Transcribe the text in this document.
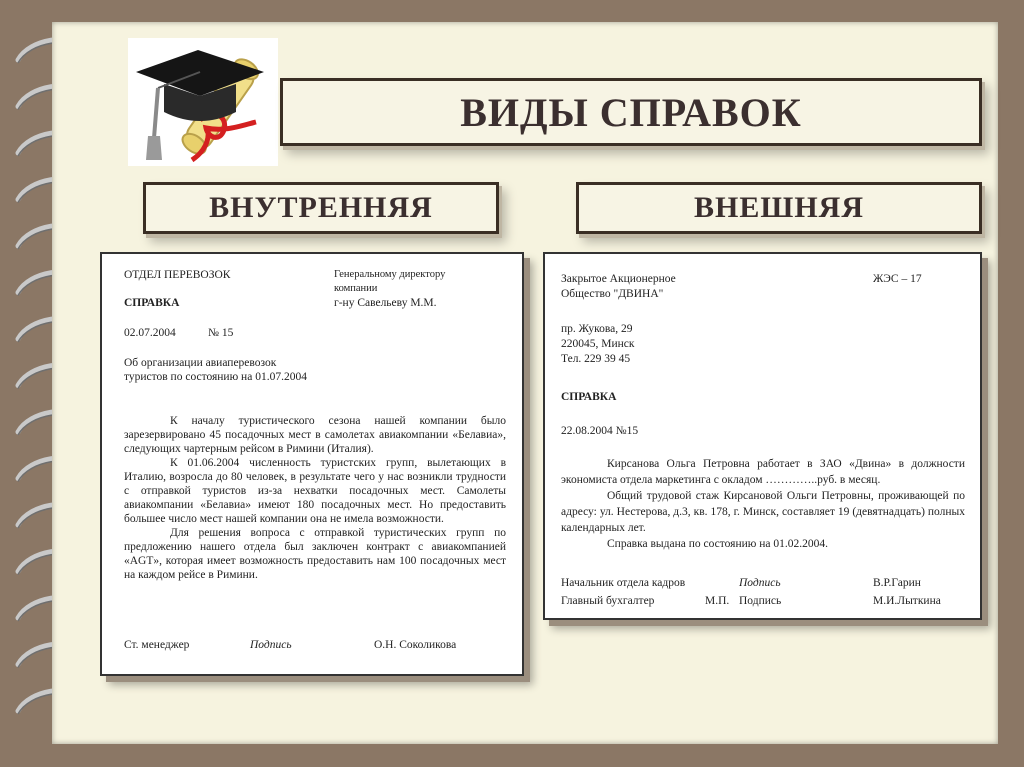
ВИДЫ СПРАВОК
ВНУТРЕННЯЯ	ВНЕШНЯЯ
ОТДЕЛ ПЕРЕВОЗОК	Генеральному директору
компании
г-ну Савельеву М.М.
СПРАВКА
02.07.2004	№ 15
Об организации авиаперевозок
туристов по состоянию на 01.07.2004

К началу туристического сезона нашей компании было зарезервировано 45 посадочных мест в самолетах авиакомпании «Белавиа», следующих чартерным рейсом в Римини (Италия).

К 01.06.2004 численность туристских групп, вылетающих в Италию, возросла до 80 человек, в результате чего у нас возникли трудности с отправкой туристов из-за нехватки посадочных мест. Самолеты авиакомпании «Белавиа» имеют 180 посадочных мест. Но предоставить большее число мест нашей компании она не имела возможности.

Для решения вопроса с отправкой туристических групп по предложению нашего отдела был заключен контракт с авиакомпанией «AGT», которая имеет возможность предоставить нам 100 посадочных мест на каждом рейсе в Римини.

Ст. менеджер	Подпись	О.Н. Соколикова
Закрытое Акционерное
Общество "ДВИНА"
ЖЭС – 17
пр. Жукова, 29
220045, Минск
Тел. 229 39 45
СПРАВКА
22.08.2004 №15

Кирсанова Ольга Петровна работает в ЗАО «Двина» в должности экономиста отдела маркетинга с окладом …………..руб. в месяц.

Общий трудовой стаж Кирсановой Ольги Петровны, проживающей по адресу: ул. Нестерова, д.3, кв. 178, г. Минск, составляет 19 (девятнадцать) полных календарных лет.

Справка выдана по состоянию на 01.02.2004.

Начальник отдела кадров	Подпись	В.Р.Гарин
Главный бухгалтер	М.П. Подпись	М.И.Лыткина
